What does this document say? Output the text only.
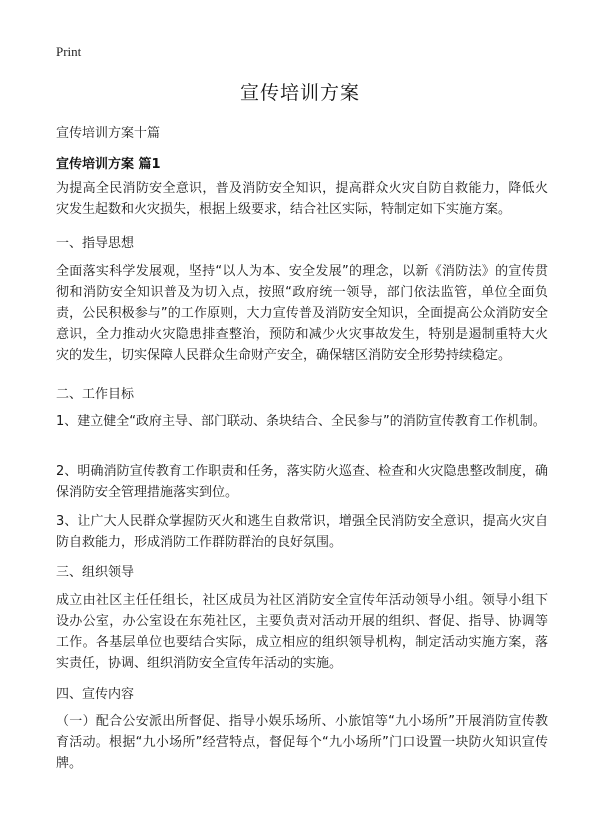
Print
宣传培训方案
宣传培训方案十篇
宣传培训方案 篇1

为提高全民消防安全意识，普及消防安全知识，提高群众火灾自防自救能力，降低火灾发生起数和火灾损失，根据上级要求，结合社区实际，特制定如下实施方案。

一、指导思想

全面落实科学发展观，坚持“以人为本、安全发展”的理念，以新《消防法》的宣传贯彻和消防安全知识普及为切入点，按照“政府统一领导，部门依法监管，单位全面负责，公民积极参与”的工作原则，大力宣传普及消防安全知识，全面提高公众消防安全意识，全力推动火灾隐患排查整治，预防和减少火灾事故发生，特别是遏制重特大火灾的发生，切实保障人民群众生命财产安全，确保辖区消防安全形势持续稳定。

二、工作目标

1、建立健全“政府主导、部门联动、条块结合、全民参与”的消防宣传教育工作机制。

2、明确消防宣传教育工作职责和任务，落实防火巡查、检查和火灾隐患整改制度，确保消防安全管理措施落实到位。

3、让广大人民群众掌握防灭火和逃生自救常识，增强全民消防安全意识，提高火灾自防自救能力，形成消防工作群防群治的良好氛围。

三、组织领导

成立由社区主任任组长，社区成员为社区消防安全宣传年活动领导小组。领导小组下设办公室，办公室设在东苑社区，主要负责对活动开展的组织、督促、指导、协调等工作。各基层单位也要结合实际，成立相应的组织领导机构，制定活动实施方案，落实责任，协调、组织消防安全宣传年活动的实施。

四、宣传内容

（一）配合公安派出所督促、指导小娱乐场所、小旅馆等“九小场所”开展消防宣传教育活动。根据“九小场所”经营特点，督促每个“九小场所”门口设置一块防火知识宣传牌。
